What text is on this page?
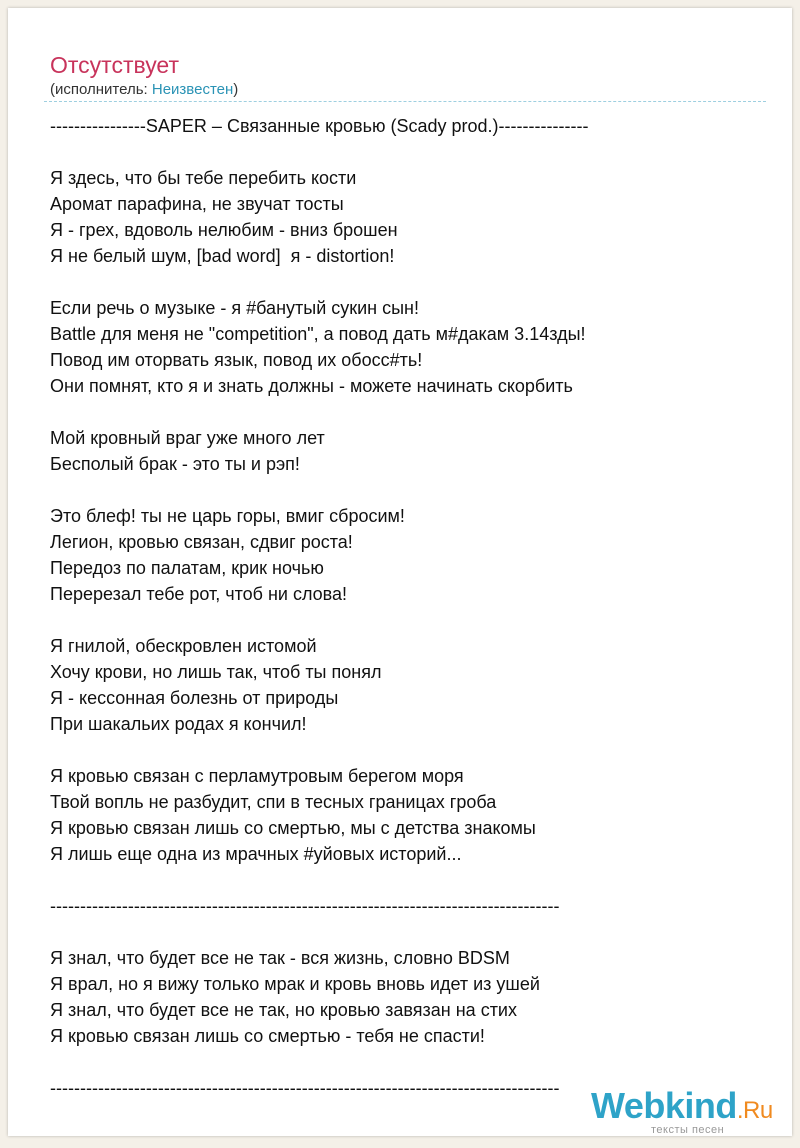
Отсутствует
(исполнитель: Неизвестен)
----------------SAPER – Связанные кровью (Scady prod.)---------------
Я здесь, что бы тебе перебить кости
Аромат парафина, не звучат тосты
Я - грех, вдоволь нелюбим - вниз брошен
Я не белый шум, [bad word]  я - distortion!
Если речь о музыке - я #банутый сукин сын!
Battle для меня не "competition", а повод дать м#дакам 3.14зды!
Повод им оторвать язык, повод их обосс#ть!
Они помнят, кто я и знать должны - можете начинать скорбить
Мой кровный враг уже много лет
Бесполый брак - это ты и рэп!
Это блеф! ты не царь горы, вмиг сбросим!
Легион, кровью связан, сдвиг роста!
Передоз по палатам, крик ночью
Перерезал тебе рот, чтоб ни слова!
Я гнилой, обескровлен истомой
Хочу крови, но лишь так, чтоб ты понял
Я - кессонная болезнь от природы
При шакальих родах я кончил!
Я кровью связан с перламутровым берегом моря
Твой вопль не разбудит, спи в тесных границах гроба
Я кровью связан лишь со смертью, мы с детства знакомы
Я лишь еще одна из мрачных #уйовых историй...
-------------------------------------------------------------------------------------
Я знал, что будет все не так - вся жизнь, словно BDSM
Я врал, но я вижу только мрак и кровь вновь идет из ушей
Я знал, что будет все не так, но кровью завязан на стих
Я кровью связан лишь со смертью - тебя не спасти!
------------------------------------------------------------------------------------- Webkind.Ru
тексты песен
